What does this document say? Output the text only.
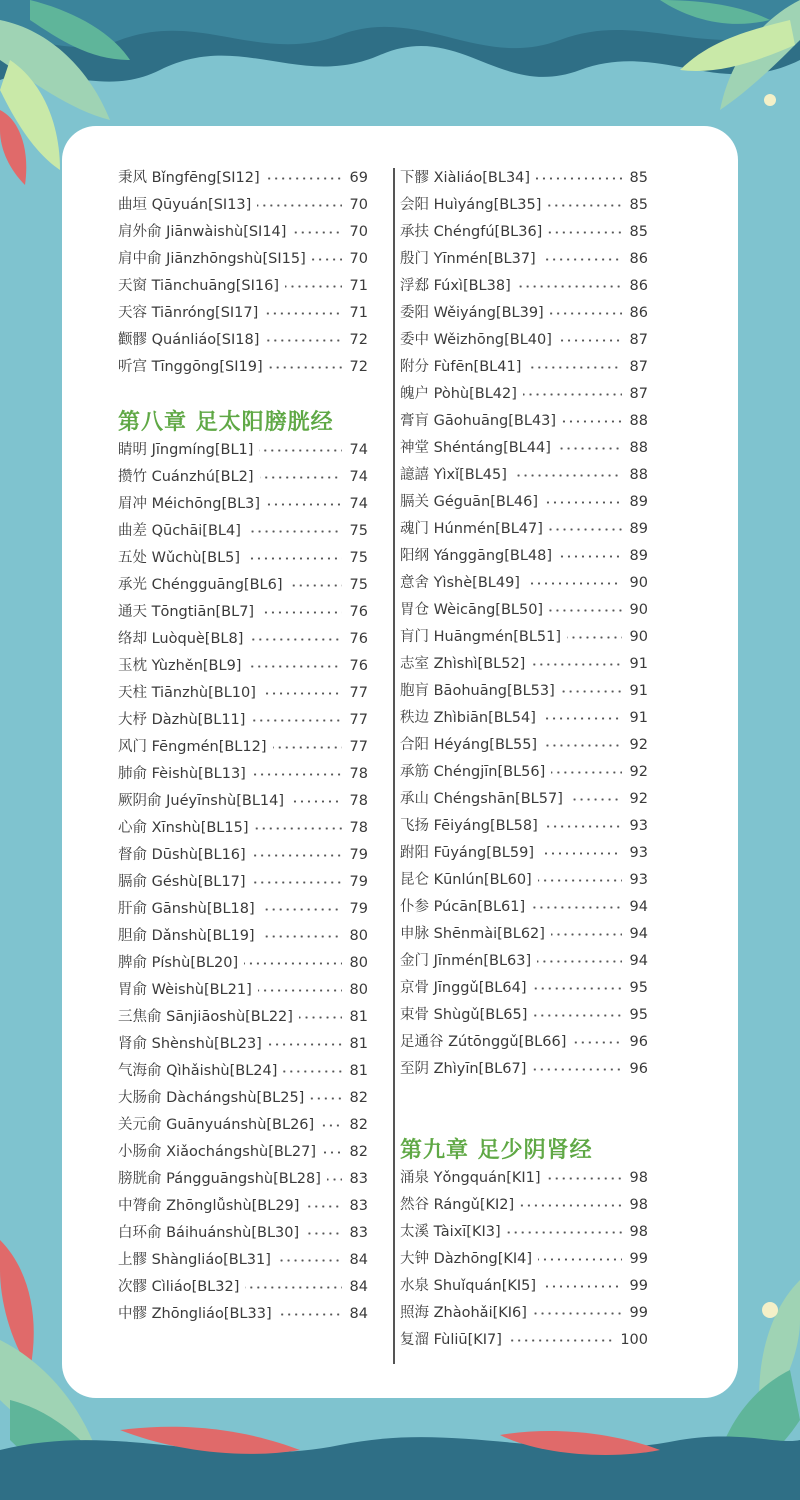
秉风 Bǐngfēng[SI12]	69
曲垣 Qūyuán[SI13]	70
肩外俞 Jiānwàishù[SI14]	70
肩中俞 Jiānzhōngshù[SI15]	70
天窗 Tiānchuāng[SI16]	71
天容 Tiānróng[SI17]	71
颧髎 Quánliáo[SI18]	72
听宫 Tīnggōng[SI19]	72
第八章 足太阳膀胱经
睛明 Jīngmíng[BL1]	74
攒竹 Cuánzhú[BL2]	74
眉冲 Méichōng[BL3]	74
曲差 Qūchāi[BL4]	75
五处 Wǔchù[BL5]	75
承光 Chéngguāng[BL6]	75
通天 Tōngtiān[BL7]	76
络却 Luòquè[BL8]	76
玉枕 Yùzhěn[BL9]	76
天柱 Tiānzhù[BL10]	77
大杼 Dàzhù[BL11]	77
风门 Fēngmén[BL12]	77
肺俞 Fèishù[BL13]	78
厥阴俞 Juéyīnshù[BL14]	78
心俞 Xīnshù[BL15]	78
督俞 Dūshù[BL16]	79
膈俞 Géshù[BL17]	79
肝俞 Gānshù[BL18]	79
胆俞 Dǎnshù[BL19]	80
脾俞 Píshù[BL20]	80
胃俞 Wèishù[BL21]	80
三焦俞 Sānjiāoshù[BL22]	81
肾俞 Shènshù[BL23]	81
气海俞 Qìhǎishù[BL24]	81
大肠俞 Dàchángshù[BL25]	82
关元俞 Guānyuánshù[BL26] 82
小肠俞 Xiǎochángshù[BL27] 82
膀胱俞 Pángguāngshù[BL28] 83
中膂俞 Zhōnglǚshù[BL29]	83
白环俞 Báihuánshù[BL30]	83
上髎 Shàngliáo[BL31]	84
次髎 Cìliáo[BL32]	84
中髎 Zhōngliáo[BL33]	84
下髎 Xiàliáo[BL34]	85
会阳 Huìyáng[BL35]	85
承扶 Chéngfú[BL36]	85
殷门 Yīnmén[BL37]	86
浮郄 Fúxì[BL38]	86
委阳 Wěiyáng[BL39]	86
委中 Wěizhōng[BL40]	87
附分 Fùfēn[BL41]	87
魄户 Pòhù[BL42]	87
膏肓 Gāohuāng[BL43]	88
神堂 Shéntáng[BL44]	88
譩譆 Yìxǐ[BL45]	88
膈关 Géguān[BL46]	89
魂门 Húnmén[BL47]	89
阳纲 Yánggāng[BL48]	89
意舍 Yìshè[BL49]	90
胃仓 Wèicāng[BL50]	90
肓门 Huāngmén[BL51]	90
志室 Zhìshì[BL52]	91
胞肓 Bāohuāng[BL53]	91
秩边 Zhìbiān[BL54]	91
合阳 Héyáng[BL55]	92
承筋 Chéngjīn[BL56]	92
承山 Chéngshān[BL57]	92
飞扬 Fēiyáng[BL58]	93
跗阳 Fūyáng[BL59]	93
昆仑 Kūnlún[BL60]	93
仆参 Púcān[BL61]	94
申脉 Shēnmài[BL62]	94
金门 Jīnmén[BL63]	94
京骨 Jīnggǔ[BL64]	95
束骨 Shùgǔ[BL65]	95
足通谷 Zútōnggǔ[BL66]	96
至阴 Zhìyīn[BL67]	96
第九章 足少阴肾经
涌泉 Yǒngquán[KI1]	98
然谷 Rángǔ[KI2]	98
太溪 Tàixī[KI3]	98
大钟 Dàzhōng[KI4]	99
水泉 Shuǐquán[KI5]	99
照海 Zhàohǎi[KI6]	99
复溜 Fùliū[KI7]	100
